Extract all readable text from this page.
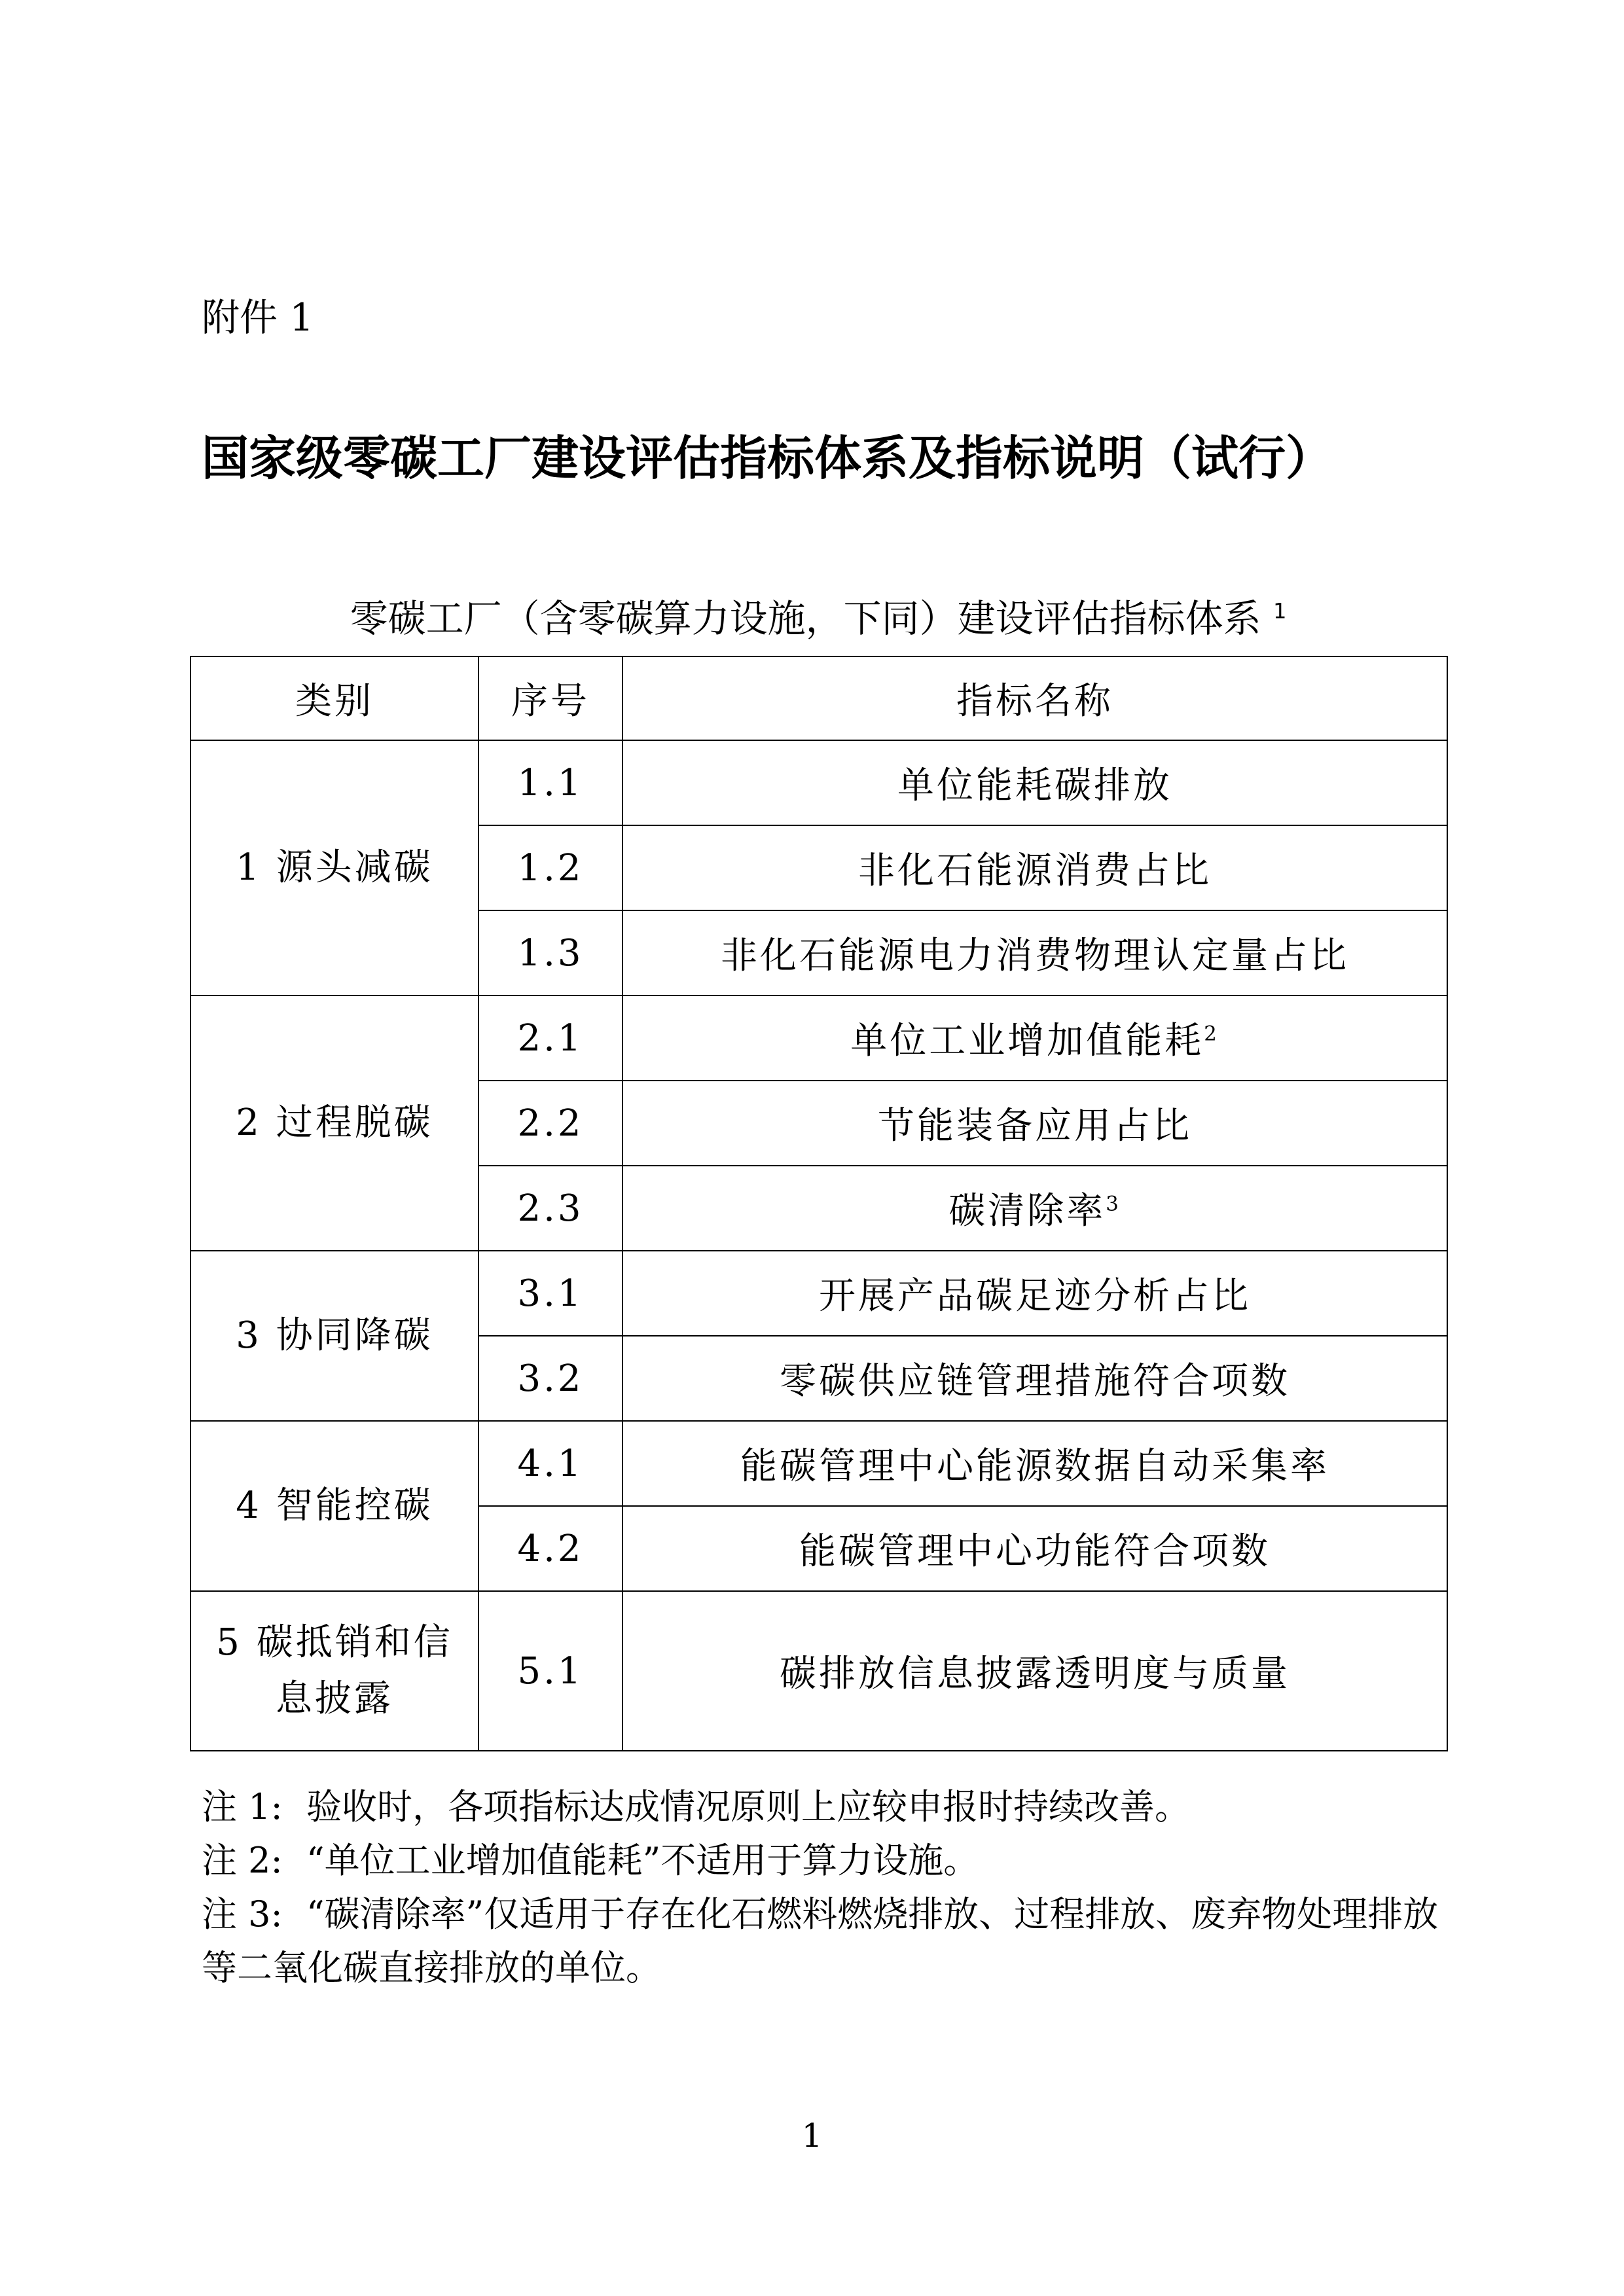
附件 1
国家级零碳工厂建设评估指标体系及指标说明（试行）
零碳工厂（含零碳算力设施，下同）建设评估指标体系 $^1$
类别	序号	指标名称
1 源头减碳	1.1	单位能耗碳排放
	1.2	非化石能源消费占比
	1.3	非化石能源电力消费物理认定量占比
2 过程脱碳	2.1	单位工业增加值能耗$^2$
	2.2	节能装备应用占比
	2.3	碳清除率$^3$
3 协同降碳	3.1	开展产品碳足迹分析占比
	3.2	零碳供应链管理措施符合项数
4 智能控碳	4.1	能碳管理中心能源数据自动采集率
	4.2	能碳管理中心功能符合项数

5 碳抵销和信
息披露	5.1	碳排放信息披露透明度与质量
注 1: 验收时，各项指标达成情况原则上应较申报时持续改善。
注 2: “单位工业增加值能耗”不适用于算力设施。
注 3: “碳清除率”仅适用于存在化石燃料燃烧排放、过程排放、废弃物处理排放等二氧化碳直接排放的单位。
1
